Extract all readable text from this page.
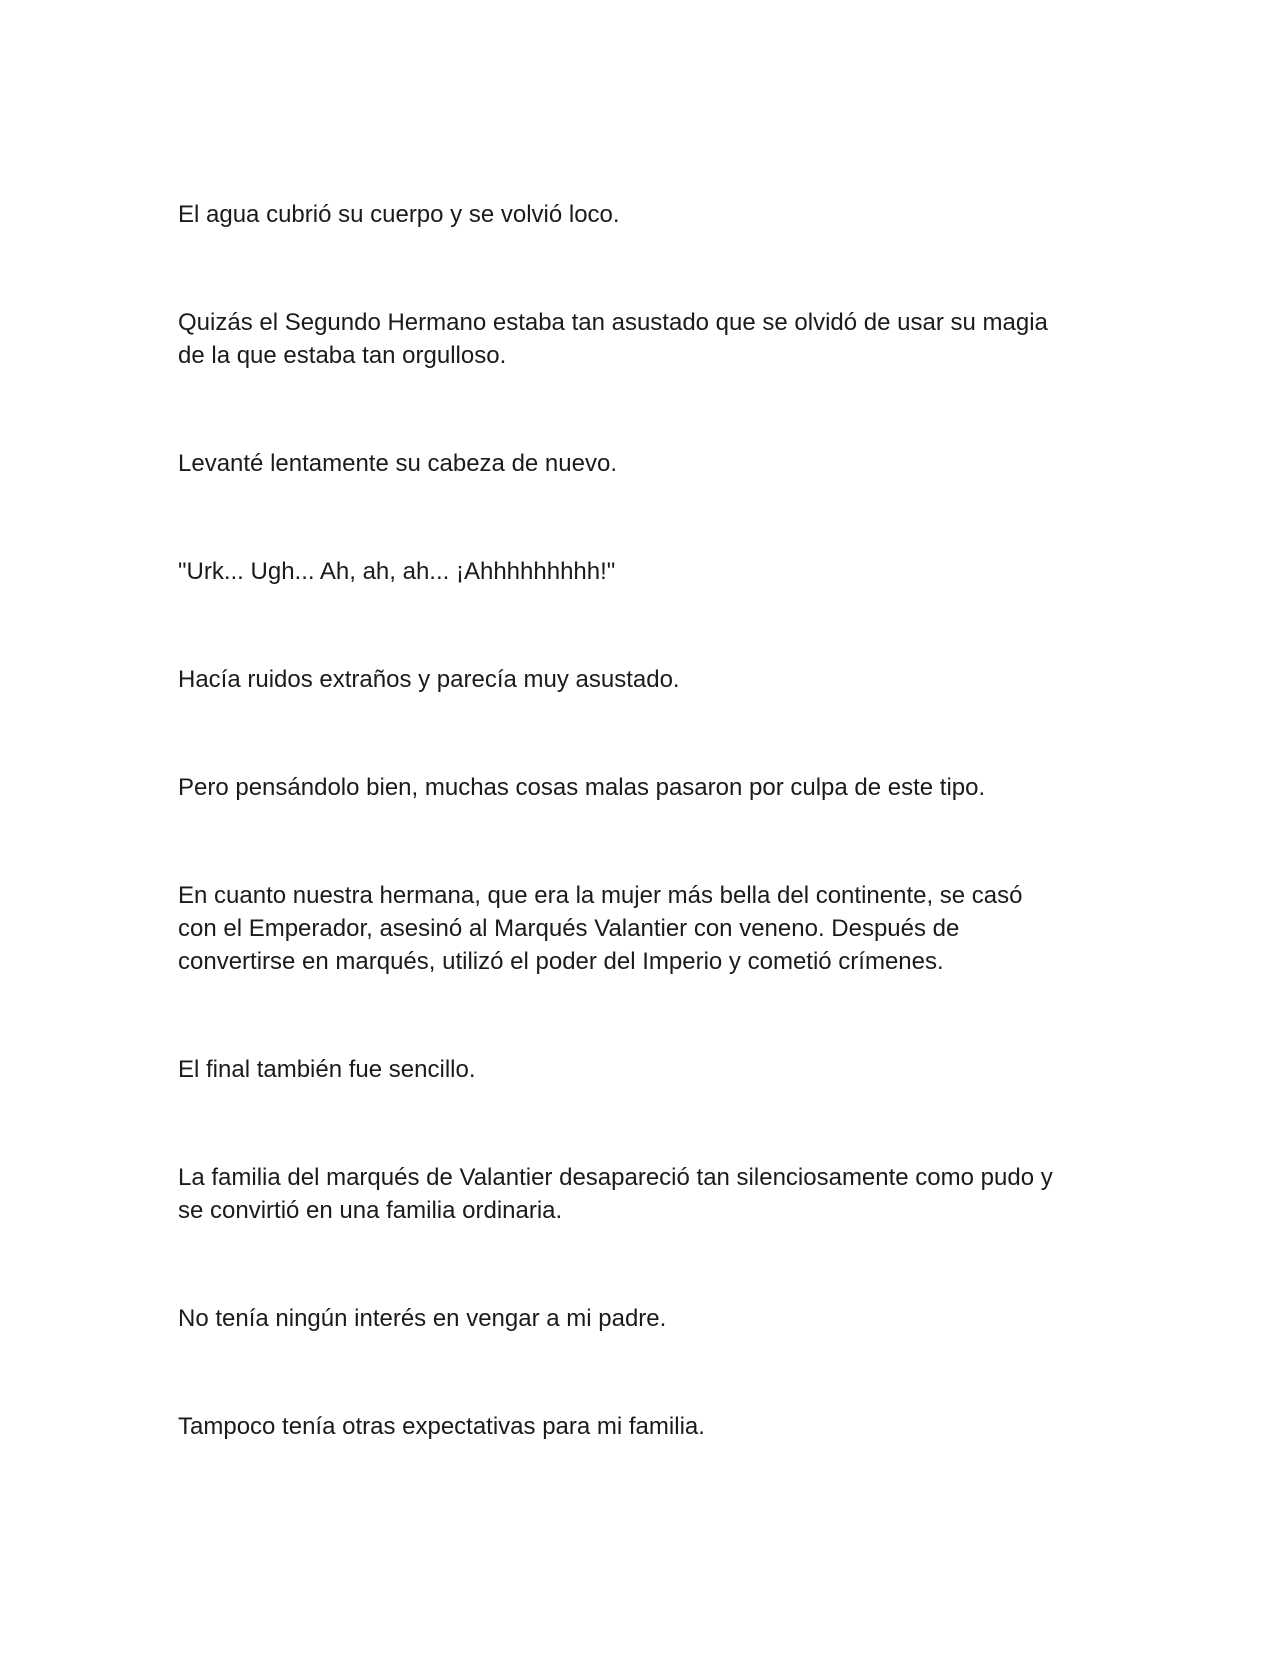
El agua cubrió su cuerpo y se volvió loco.

Quizás el Segundo Hermano estaba tan asustado que se olvidó de usar su magia
de la que estaba tan orgulloso.

Levanté lentamente su cabeza de nuevo.

"Urk... Ugh... Ah, ah, ah... ¡Ahhhhhhhhh!"

Hacía ruidos extraños y parecía muy asustado.

Pero pensándolo bien, muchas cosas malas pasaron por culpa de este tipo.

En cuanto nuestra hermana, que era la mujer más bella del continente, se casó
con el Emperador, asesinó al Marqués Valantier con veneno. Después de
convertirse en marqués, utilizó el poder del Imperio y cometió crímenes.

El final también fue sencillo.

La familia del marqués de Valantier desapareció tan silenciosamente como pudo y
se convirtió en una familia ordinaria.

No tenía ningún interés en vengar a mi padre.

Tampoco tenía otras expectativas para mi familia.
